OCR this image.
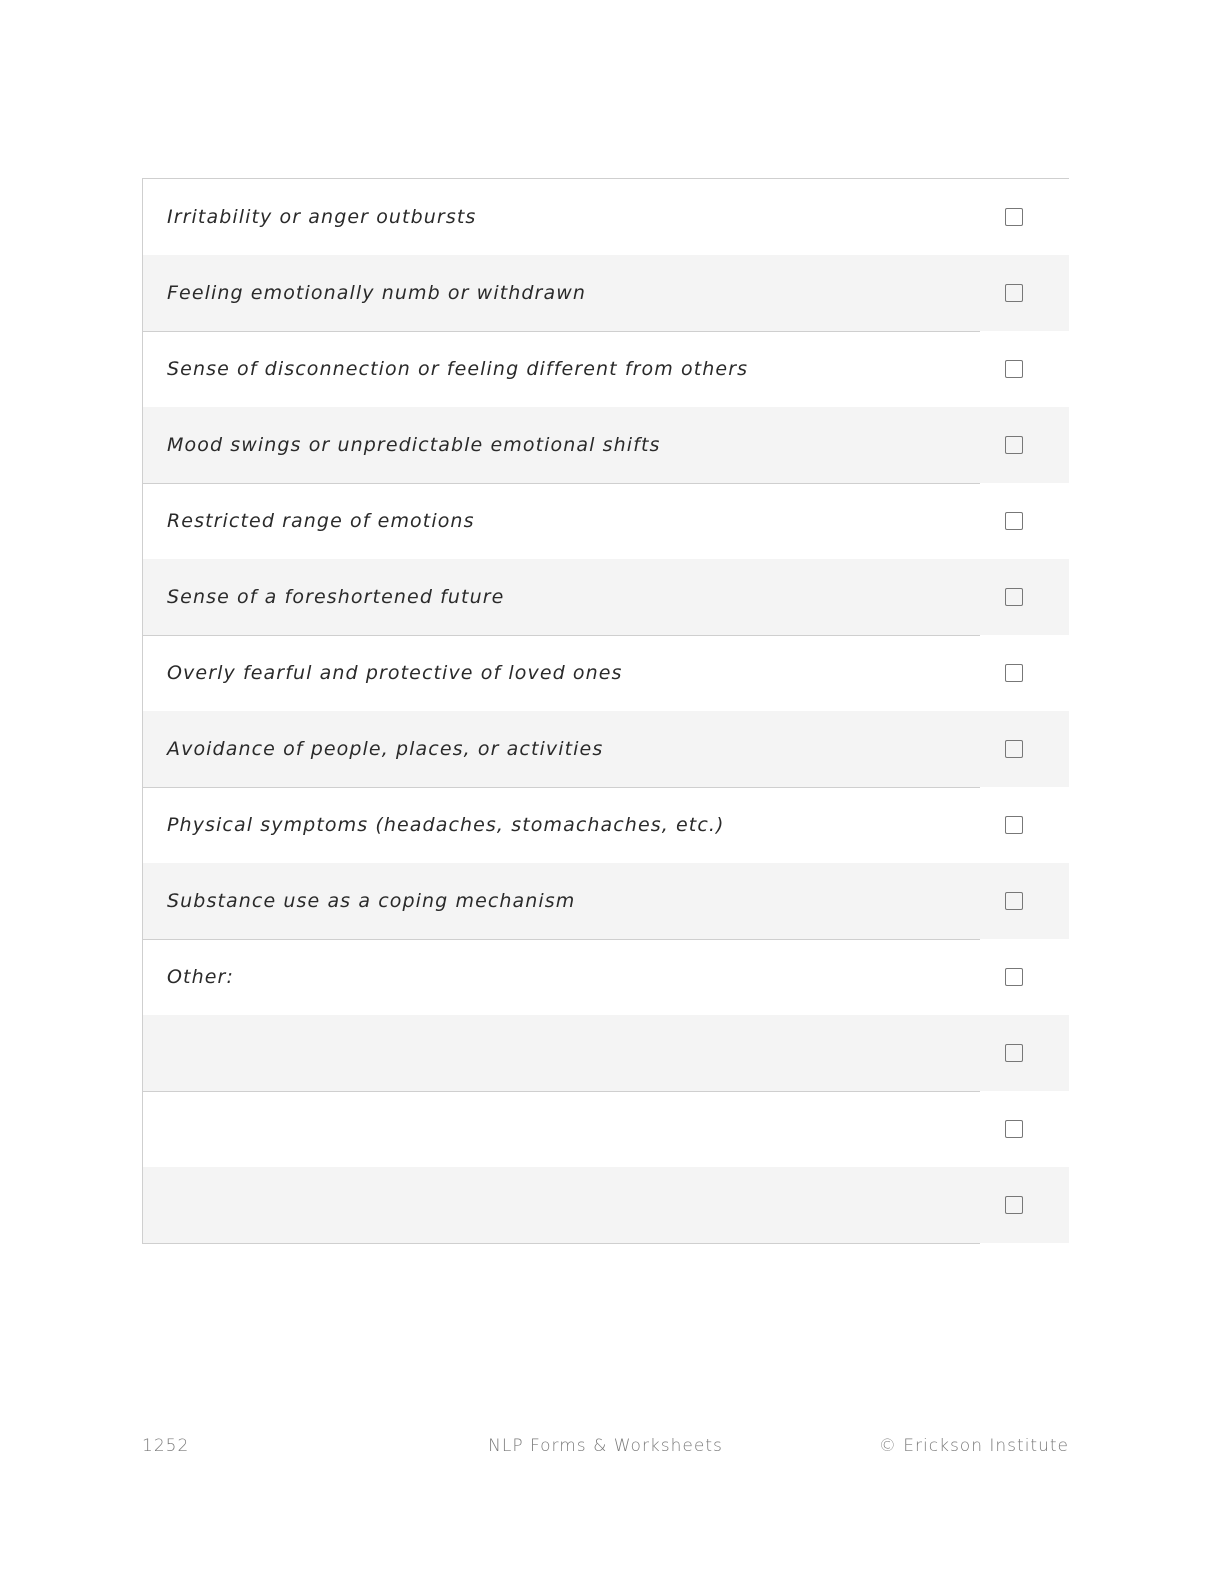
Irritability or anger outbursts
Feeling emotionally numb or withdrawn
Sense of disconnection or feeling different from others
Mood swings or unpredictable emotional shifts
Restricted range of emotions
Sense of a foreshortened future
Overly fearful and protective of loved ones
Avoidance of people, places, or activities
Physical symptoms (headaches, stomachaches, etc.)
Substance use as a coping mechanism
Other:
1252	NLP Forms & Worksheets	© Erickson Institute
